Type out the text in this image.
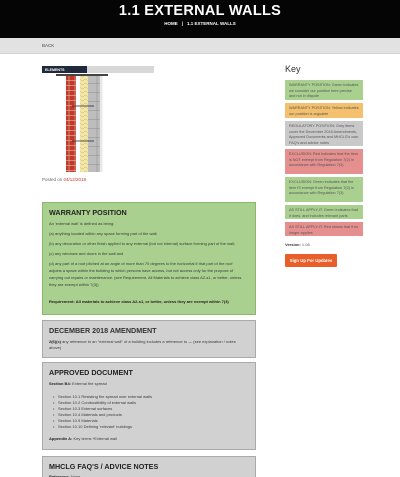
1.1 EXTERNAL WALLS
HOME | 1.1 EXTERNAL WALLS
BACK
ELEMENTS
Posted on 04/12/2018
WARRANTY POSITION
An 'external wall' is defined as being:
(a) anything located within any space forming part of the wall;
(b) any decoration or other finish applied to any external (but not internal) surface forming part of the wall;
(c) any windows and doors in the wall and
(d) any part of a roof pitched at an angle of more than 70 degrees to the horizontal if that part of the roof
adjoins a space within the building to which persons have access, but not access only for the purpose of
carrying out repairs or maintenance. (see Requirement. All Materials to achieve class A2-s1, or better, unless
they are exempt within 7(3))
Requirement: All materials to achieve class A2-s1, or better, unless they are exempt within 7(3)
DECEMBER 2018 AMENDMENT
2(6)(c) any reference to an "external wall" of a building includes a reference to — (see explanation / notes
above)
APPROVED DOCUMENT
Section B4: External fire spread
• Section 10.1 Resisting fire spread over external walls
• Section 10.2 Combustibility of external walls
• Section 10.3 External surfaces
• Section 10.4 Materials and products
• Section 10.9 Materials
• Section 10.10 Defining 'relevant' buildings
Appendix A: Key terms *External wall
MHCLG FAQ'S / ADVICE NOTES
Reference: None
Key
WARRANTY POSITION: Green indicates we consider our position here precise and not in dispute
WARRANTY POSITION: Yellow indicates our position is arguable
REGULATORY POSITION: Grey items cover the December 2018 Amendments, Approved Documents and MHCLG's own FAQ's and advice notes
EXCLUSION: Red indicates that the item is NOT exempt from Regulation 7(2) in accordance with Regulation 7(3)
EXCLUSION: Green indicates that the item IS exempt from Regulation 7(2) in accordance with Regulation 7(3)
AS STILL APPLY-IT: Green indicates that it does, and includes relevant parts
AS STILL APPLY-IT: Red shows that it no longer applies
Version: 1.08
Sign Up For Updates
